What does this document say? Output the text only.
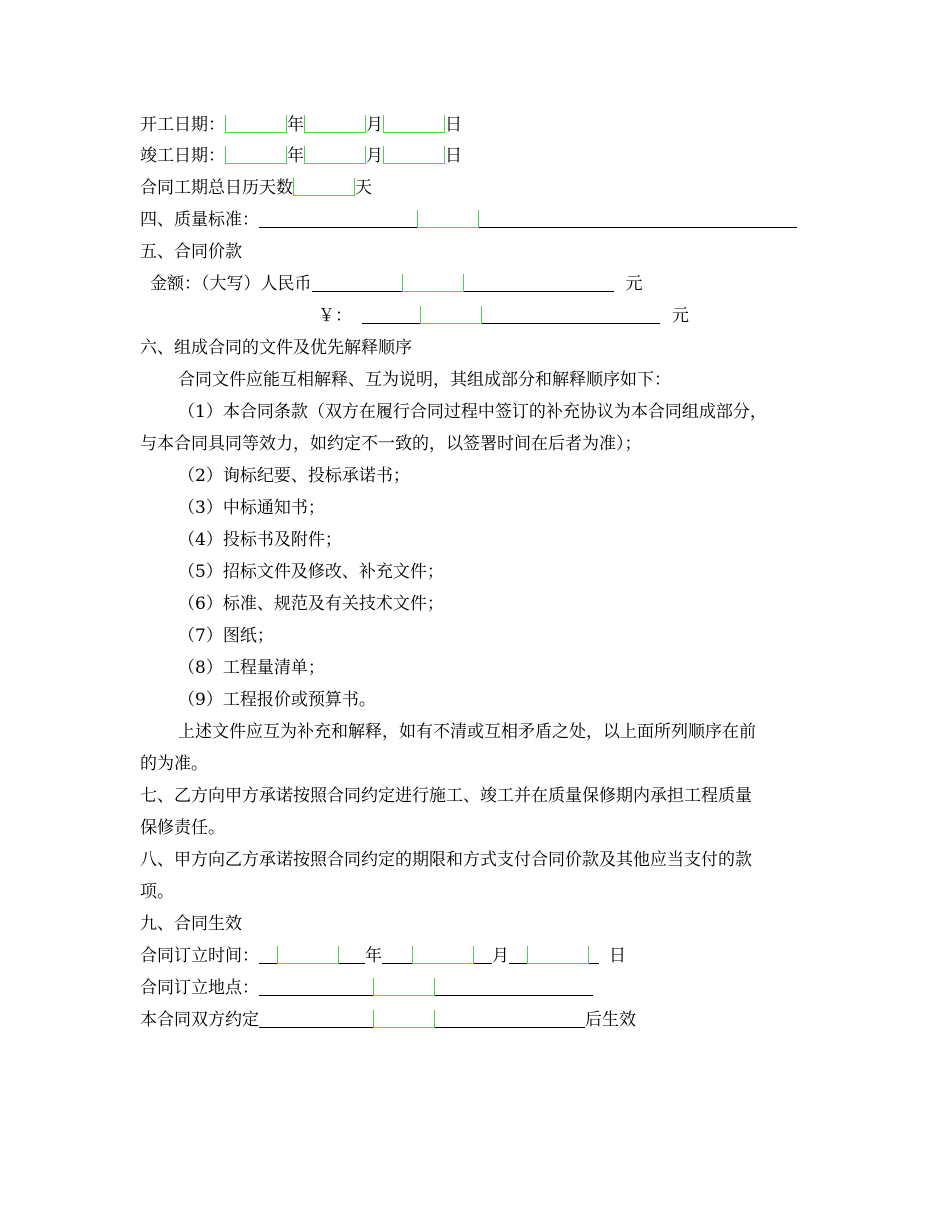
开工日期：	年	月	日
竣工日期：	年	月	日
合同工期总日历天数	天
四、质量标准：
五、合同价款
金额：（大写）人民币	元
￥：	元
六、组成合同的文件及优先解释顺序
合同文件应能互相解释、互为说明，其组成部分和解释顺序如下：
（1）本合同条款（双方在履行合同过程中签订的补充协议为本合同组成部分，
与本合同具同等效力，如约定不一致的，以签署时间在后者为准）；
（2）询标纪要、投标承诺书；
（3）中标通知书；
（4）投标书及附件；
（5）招标文件及修改、补充文件；
（6）标准、规范及有关技术文件；
（7）图纸；
（8）工程量清单；
（9）工程报价或预算书。
上述文件应互为补充和解释，如有不清或互相矛盾之处，以上面所列顺序在前
的为准。
七、乙方向甲方承诺按照合同约定进行施工、竣工并在质量保修期内承担工程质量
保修责任。
八、甲方向乙方承诺按照合同约定的期限和方式支付合同价款及其他应当支付的款
项。
九、合同生效
合同订立时间：	年	月	日
合同订立地点：
本合同双方约定	后生效
